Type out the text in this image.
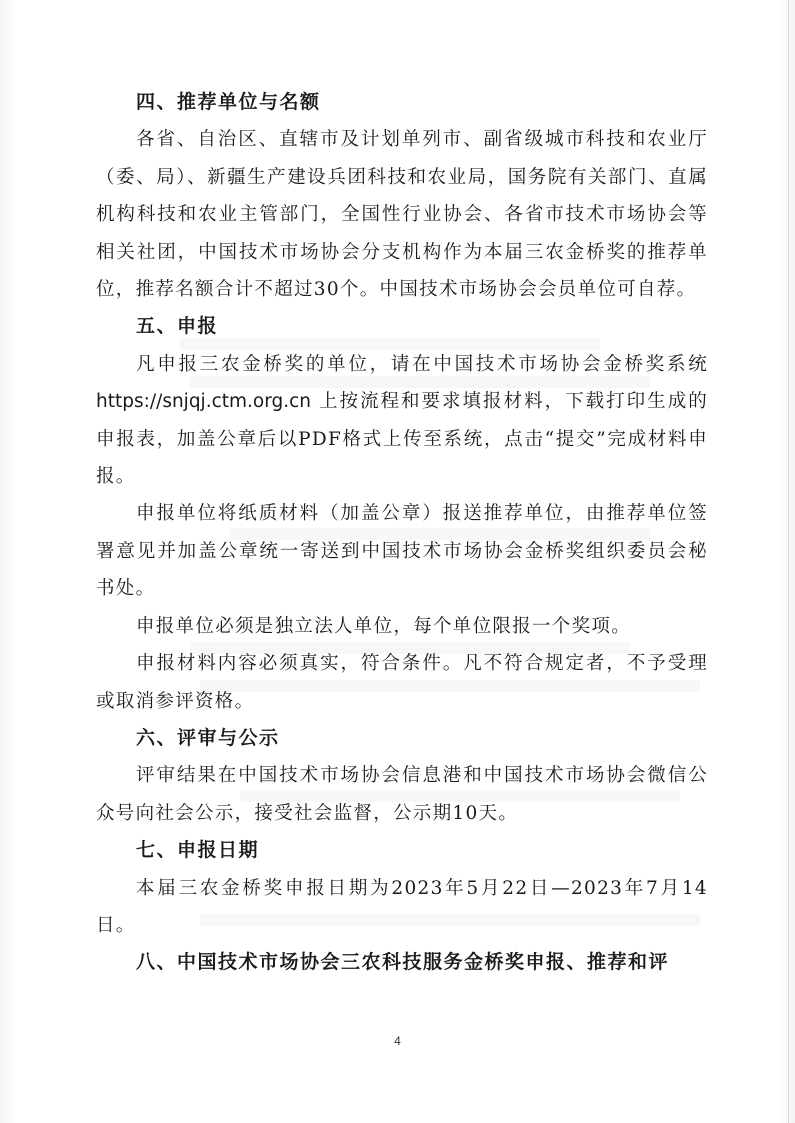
四、推荐单位与名额
各省、自治区、直辖市及计划单列市、副省级城市科技和农业厅（委、局）、新疆生产建设兵团科技和农业局，国务院有关部门、直属机构科技和农业主管部门，全国性行业协会、各省市技术市场协会等相关社团，中国技术市场协会分支机构作为本届三农金桥奖的推荐单位，推荐名额合计不超过30个。中国技术市场协会会员单位可自荐。
五、申报
凡申报三农金桥奖的单位，请在中国技术市场协会金桥奖系统 https://snjqj.ctm.org.cn 上按流程和要求填报材料，下载打印生成的申报表，加盖公章后以PDF格式上传至系统，点击“提交”完成材料申报。
申报单位将纸质材料（加盖公章）报送推荐单位，由推荐单位签署意见并加盖公章统一寄送到中国技术市场协会金桥奖组织委员会秘书处。
申报单位必须是独立法人单位，每个单位限报一个奖项。
申报材料内容必须真实，符合条件。凡不符合规定者，不予受理或取消参评资格。
六、评审与公示
评审结果在中国技术市场协会信息港和中国技术市场协会微信公众号向社会公示，接受社会监督，公示期10天。
七、申报日期
本届三农金桥奖申报日期为2023年5月22日—2023年7月14日。
八、中国技术市场协会三农科技服务金桥奖申报、推荐和评
4
